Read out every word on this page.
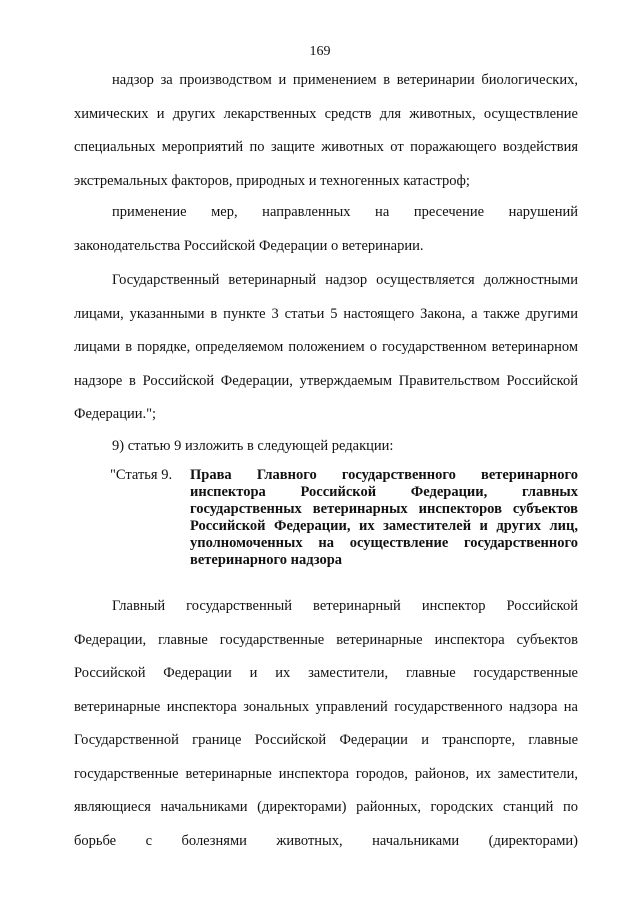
169

надзор за производством и применением в ветеринарии биологических, химических и других лекарственных средств для животных, осуществление специальных мероприятий по защите животных от поражающего воздействия экстремальных факторов, природных и техногенных катастроф;

применение мер, направленных на пресечение нарушений законодательства Российской Федерации о ветеринарии.

Государственный ветеринарный надзор осуществляется должностными лицами, указанными в пункте 3 статьи 5 настоящего Закона, а также другими лицами в порядке, определяемом положением о государственном ветеринарном надзоре в Российской Федерации, утверждаемым Правительством Российской Федерации.";

9) статью 9 изложить в следующей редакции:

"Статья 9.	Права Главного государственного ветеринарного инспектора Российской Федерации, главных государственных ветеринарных инспекторов субъектов Российской Федерации, их заместителей и других лиц, уполномоченных на осуществление государственного ветеринарного надзора

Главный государственный ветеринарный инспектор Российской Федерации, главные государственные ветеринарные инспектора субъектов Российской Федерации и их заместители, главные государственные ветеринарные инспектора зональных управлений государственного надзора на Государственной границе Российской Федерации и транспорте, главные государственные ветеринарные инспектора городов, районов, их заместители, являющиеся начальниками (директорами) районных, городских станций по борьбе с болезнями животных, начальниками (директорами)
